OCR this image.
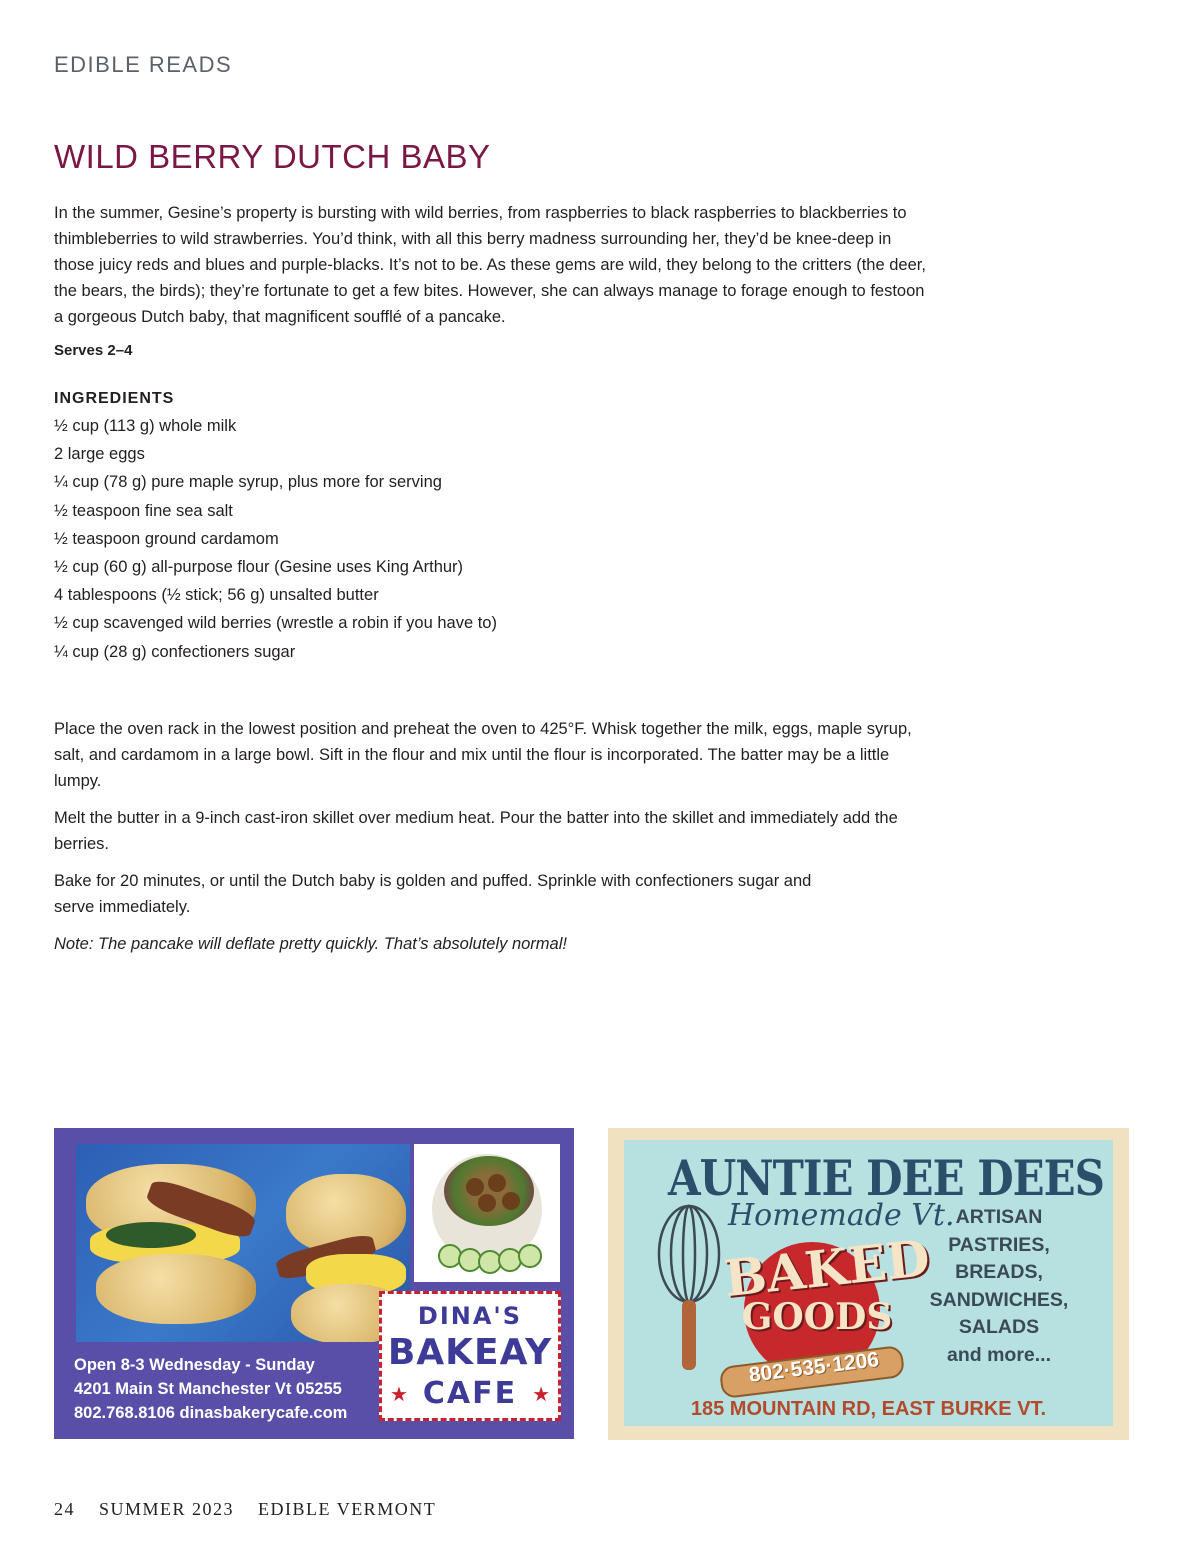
EDIBLE READS
WILD BERRY DUTCH BABY

In the summer, Gesine’s property is bursting with wild berries, from raspberries to black raspberries to blackberries to thimbleberries to wild strawberries. You’d think, with all this berry madness surrounding her, they’d be knee-deep in those juicy reds and blues and purple-blacks. It’s not to be. As these gems are wild, they belong to the critters (the deer, the bears, the birds); they’re fortunate to get a few bites. However, she can always manage to forage enough to festoon a gorgeous Dutch baby, that magnificent soufflé of a pancake.

Serves 2–4

INGREDIENTS

½ cup (113 g) whole milk
2 large eggs
¼ cup (78 g) pure maple syrup, plus more for serving
½ teaspoon fine sea salt
½ teaspoon ground cardamom
½ cup (60 g) all-purpose flour (Gesine uses King Arthur)
4 tablespoons (½ stick; 56 g) unsalted butter
½ cup scavenged wild berries (wrestle a robin if you have to)
¼ cup (28 g) confectioners sugar

Place the oven rack in the lowest position and preheat the oven to 425°F. Whisk together the milk, eggs, maple syrup, salt, and cardamom in a large bowl. Sift in the flour and mix until the flour is incorporated. The batter may be a little lumpy.

Melt the butter in a 9-inch cast-iron skillet over medium heat. Pour the batter into the skillet and immediately add the berries.

Bake for 20 minutes, or until the Dutch baby is golden and puffed. Sprinkle with confectioners sugar and serve immediately.

Note: The pancake will deflate pretty quickly. That’s absolutely normal!

DINA'S
BAKEAY
CAFE
★	★
Open 8-3 Wednesday - Sunday
4201 Main St Manchester Vt 05255
802.768.8106 dinasbakerycafe.com
AUNTIE DEE DEES
Homemade Vt.
BAKED
GOODS
802·535·1206
ARTISAN
PASTRIES,
BREADS,
SANDWICHES,
SALADS
and more...
185 MOUNTAIN RD, EAST BURKE VT.
24 SUMMER 2023 EDIBLE VERMONT
